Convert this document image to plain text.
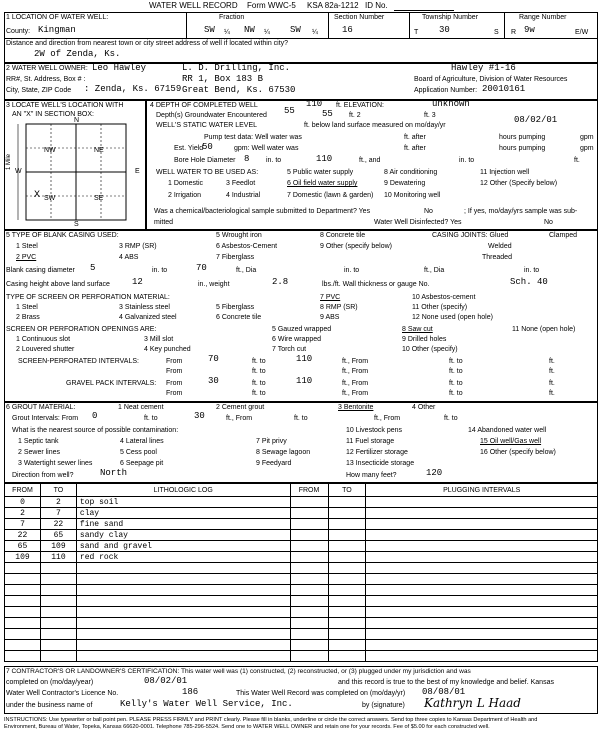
WATER WELL RECORD Form WWC-5 KSA 82a-1212 ID No.
1 LOCATION OF WATER WELL:
County: Kingman
Fraction
SW ¼ NW ¼ SW ¼
Section Number
16
Township Number
T 30	S
Range Number
R 9w	E/W
Distance and direction from nearest town or city street address of well if located within city?
2W of Zenda, Ks.
2 WATER WELL OWNER: Leo Hawley
RR#, St. Address, Box # :
City, State, ZIP Code : Zenda, Ks. 67159
L. D. Drilling, Inc.
RR 1, Box 183 B
Great Bend, Ks. 67530
Hawley #1-16
Board of Agriculture, Division of Water Resources
Application Number: 20010161
3 LOCATE WELL'S LOCATION WITH
AN "X" IN SECTION BOX:
N
S
W	E
NW	NE
SW	SE
1 Mile
X
4 DEPTH OF COMPLETED WELL	110 ft. ELEVATION:	unknown
Depth(s) Groundwater Encountered 55	55 ft. 2	ft. 3
WELL'S STATIC WATER LEVEL	ft. below land surface measured on mo/day/yr
08/02/01
Pump test data: Well water was	ft. after	hours pumping	gpm
Est. Yield
50	gpm: Well water was	ft. after	hours pumping	gpm
Bore Hole Diameter 8 in. to	110	ft., and	in. to	ft.
WELL WATER TO BE USED AS:	5 Public water supply	8 Air conditioning	11 Injection well
1 Domestic	3 Feedlot	6 Oil field water supply	9 Dewatering	12 Other (Specify below)
2 Irrigation	4 Industrial	7 Domestic (lawn & garden) 10 Monitoring well
Was a chemical/bacteriological sample submitted to Department? Yes	No	; If yes, mo/day/yrs sample was sub-
mitted	Water Well Disinfected? Yes	No
5 TYPE OF BLANK CASING USED:	5 Wrought iron	8 Concrete tile
1 Steel	3 RMP (SR)	6 Asbestos-Cement	9 Other (specify below)
2 PVC	4 ABS	7 Fiberglass
CASING JOINTS: Glued	Clamped
Welded
Threaded
Blank casing diameter 5	in. to	70	ft., Dia	in. to	ft., Dia	in. to
Casing height above land surface 12	in., weight	2.8	lbs./ft. Wall thickness or gauge No.	Sch. 40
TYPE OF SCREEN OR PERFORATION MATERIAL:	7 PVC	10 Asbestos-cement
1 Steel	3 Stainless steel	5 Fiberglass	8 RMP (SR)	11 Other (specify)
2 Brass	4 Galvanized steel	6 Concrete tile	9 ABS	12 None used (open hole)
SCREEN OR PERFORATION OPENINGS ARE:	5 Gauzed wrapped	8 Saw cut	11 None (open hole)
1 Continuous slot	3 Mill slot	6 Wire wrapped	9 Drilled holes
2 Louvered shutter	4 Key punched	7 Torch cut	10 Other (specify)
SCREEN-PERFORATED INTERVALS:	From	70	ft. to	110	ft., From	ft. to	ft.
From	ft. to	ft., From	ft. to	ft.
GRAVEL PACK INTERVALS: From	30	ft. to	110	ft., From	ft. to	ft.
From	ft. to	ft., From	ft. to	ft.
6 GROUT MATERIAL:	1 Neat cement	2 Cement grout	3 Bentonite	4 Other
Grout Intervals: From 0	ft. to	30	ft., From	ft. to	ft., From	ft. to
What is the nearest source of possible contamination:	10 Livestock pens	14 Abandoned water well
1 Septic tank	4 Lateral lines	7 Pit privy	11 Fuel storage	15 Oil well/Gas well
2 Sewer lines	5 Cess pool	8 Sewage lagoon	12 Fertilizer storage	16 Other (specify below)
3 Watertight sewer lines	6 Seepage pit	9 Feedyard	13 Insecticide storage
Direction from well?	North	How many feet?	120
FROM	TO	LITHOLOGIC LOG	FROM	TO	PLUGGING INTERVALS
0	2	top soil			
2	7	clay			
7	22	fine sand			
22	65	sandy clay			
65	109	sand and gravel			
109	110	red rock			

7 CONTRACTOR'S OR LANDOWNER'S CERTIFICATION: This water well was (1) constructed, (2) reconstructed, or (3) plugged under my jurisdiction and was
completed on (mo/day/year)	08/02/01	and this record is true to the best of my knowledge and belief. Kansas
Water Well Contractor's Licence No.	186	This Water Well Record was completed on (mo/day/yr) 08/08/01
under the business name of	Kelly's Water Well Service, Inc.	by (signature) Kathryn L Haad
INSTRUCTIONS: Use typewriter or ball point pen. PLEASE PRESS FIRMLY and PRINT clearly. Please fill in blanks, underline or circle the correct answers. Send top three copies to Kansas Department of Health and
Environment, Bureau of Water, Topeka, Kansas 66620-0001. Telephone 785-296-5524. Send one to WATER WELL OWNER and retain one for your records. Fee of $5.00 for each constructed well.
